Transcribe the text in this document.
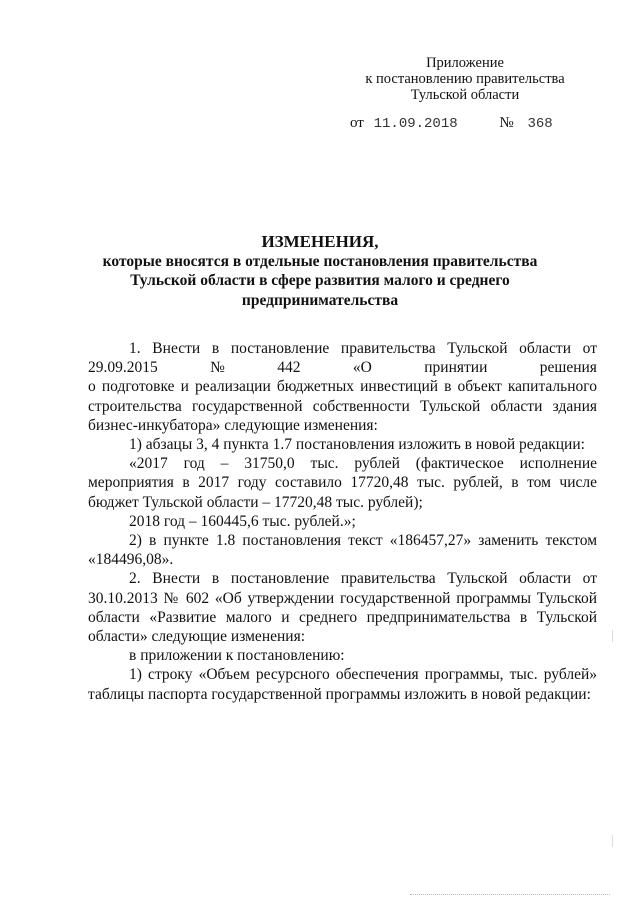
Приложение
к постановлению правительства
Тульской области
от 11.09.2018	№ 368
ИЗМЕНЕНИЯ,
которые вносятся в отдельные постановления правительства
Тульской области в сфере развития малого и среднего
предпринимательства

1. Внести в постановление правительства Тульской области от

29.09.2015	№	442	«О	принятии	решения

о подготовке и реализации бюджетных инвестиций в объект капитального строительства государственной собственности Тульской области здания бизнес-инкубатора» следующие изменения:

1) абзацы 3, 4 пункта 1.7 постановления изложить в новой редакции:

«2017 год – 31750,0 тыс. рублей (фактическое исполнение мероприятия в 2017 году составило 17720,48 тыс. рублей, в том числе бюджет Тульской области – 17720,48 тыс. рублей);

2018 год – 160445,6 тыс. рублей.»;

2) в пункте 1.8 постановления текст «186457,27» заменить текстом «184496,08».

2. Внести в постановление правительства Тульской области от 30.10.2013 № 602 «Об утверждении государственной программы Тульской области «Развитие малого и среднего предпринимательства в Тульской области» следующие изменения:

в приложении к постановлению:

1) строку «Объем ресурсного обеспечения программы, тыс. рублей» таблицы паспорта государственной программы изложить в новой редакции:
